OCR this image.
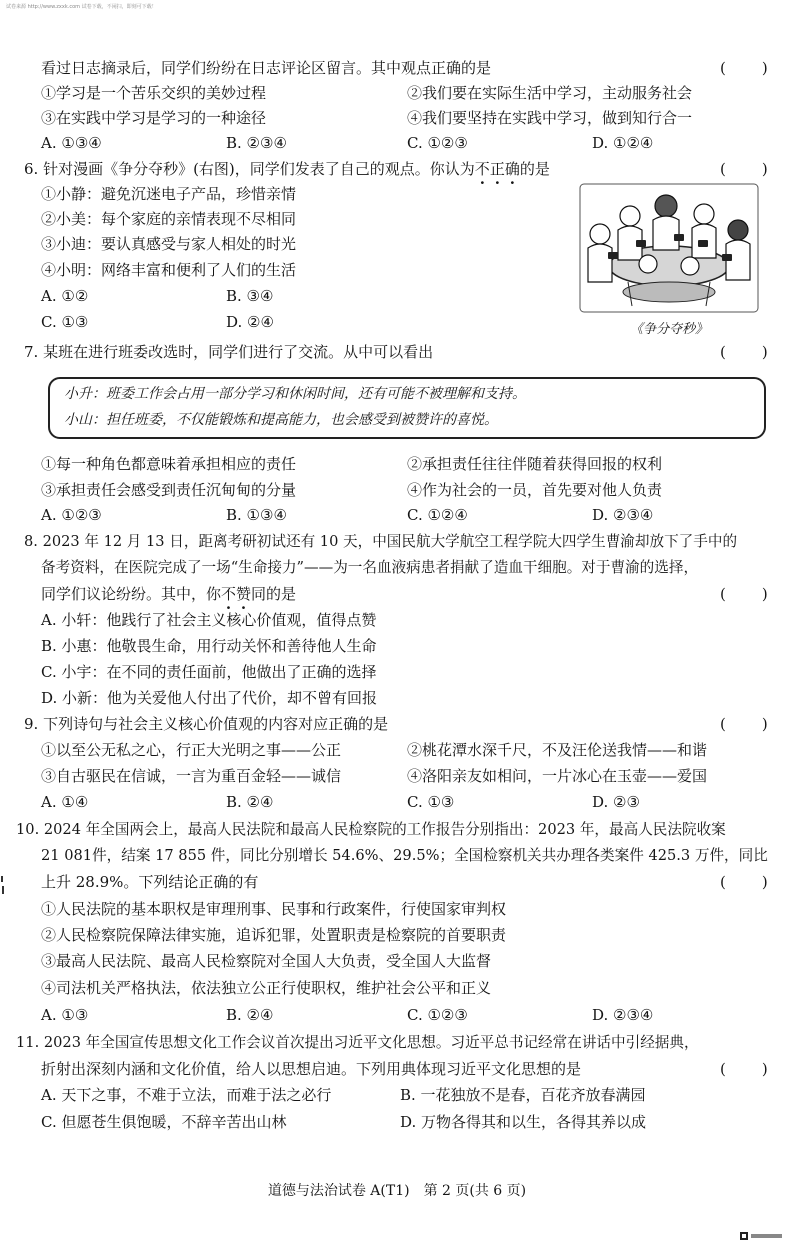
试卷来源 http://www.zxxk.com 试卷下载，不闲扫，即刻可下载！
看过日志摘录后，同学们纷纷在日志评论区留言。其中观点正确的是	(　　)
①学习是一个苦乐交织的美妙过程	②我们要在实际生活中学习，主动服务社会
③在实践中学习是学习的一种途径	④我们要坚持在实践中学习，做到知行合一
A. ①③④	B. ②③④	C. ①②③	D. ①②④
6. 针对漫画《争分夺秒》(右图)，同学们发表了自己的观点。你认为不正确的是	(　　)
①小静：避免沉迷电子产品，珍惜亲情
②小美：每个家庭的亲情表现不尽相同
③小迪：要认真感受与家人相处的时光
④小明：网络丰富和便利了人们的生活
A. ①②	B. ③④
C. ①③	D. ②④	《争分夺秒》
7. 某班在进行班委改选时，同学们进行了交流。从中可以看出	(　　)
小升：班委工作会占用一部分学习和休闲时间，还有可能不被理解和支持。
小山：担任班委，不仅能锻炼和提高能力，也会感受到被赞许的喜悦。
①每一种角色都意味着承担相应的责任	②承担责任往往伴随着获得回报的权利
③承担责任会感受到责任沉甸甸的分量	④作为社会的一员，首先要对他人负责
A. ①②③	B. ①③④	C. ①②④	D. ②③④
8. 2023 年 12 月 13 日，距离考研初试还有 10 天，中国民航大学航空工程学院大四学生曹渝却放下了手中的
备考资料，在医院完成了一场“生命接力”——为一名血液病患者捐献了造血干细胞。对于曹渝的选择，
同学们议论纷纷。其中，你不赞同的是	(　　)
A. 小轩：他践行了社会主义核心价值观，值得点赞
B. 小惠：他敬畏生命，用行动关怀和善待他人生命
C. 小宇：在不同的责任面前，他做出了正确的选择
D. 小新：他为关爱他人付出了代价，却不曾有回报
9. 下列诗句与社会主义核心价值观的内容对应正确的是	(　　)
①以至公无私之心，行正大光明之事——公正	②桃花潭水深千尺，不及汪伦送我情——和谐
③自古驱民在信诚，一言为重百金轻——诚信	④洛阳亲友如相问，一片冰心在玉壶——爱国
A. ①④	B. ②④	C. ①③	D. ②③
10. 2024 年全国两会上，最高人民法院和最高人民检察院的工作报告分别指出：2023 年，最高人民法院收案
21 081件，结案 17 855 件，同比分别增长 54.6%、29.5%；全国检察机关共办理各类案件 425.3 万件，同比
上升 28.9%。下列结论正确的有	(　　)
①人民法院的基本职权是审理刑事、民事和行政案件，行使国家审判权
②人民检察院保障法律实施，追诉犯罪，处置职责是检察院的首要职责
③最高人民法院、最高人民检察院对全国人大负责，受全国人大监督
④司法机关严格执法，依法独立公正行使职权，维护社会公平和正义
A. ①③	B. ②④	C. ①②③	D. ②③④
11. 2023 年全国宣传思想文化工作会议首次提出习近平文化思想。习近平总书记经常在讲话中引经据典，
折射出深刻内涵和文化价值，给人以思想启迪。下列用典体现习近平文化思想的是	(　　)
A. 天下之事，不难于立法，而难于法之必行	B. 一花独放不是春，百花齐放春满园
C. 但愿苍生俱饱暖，不辞辛苦出山林	D. 万物各得其和以生，各得其养以成
道德与法治试卷 A(T1)　第 2 页(共 6 页)
